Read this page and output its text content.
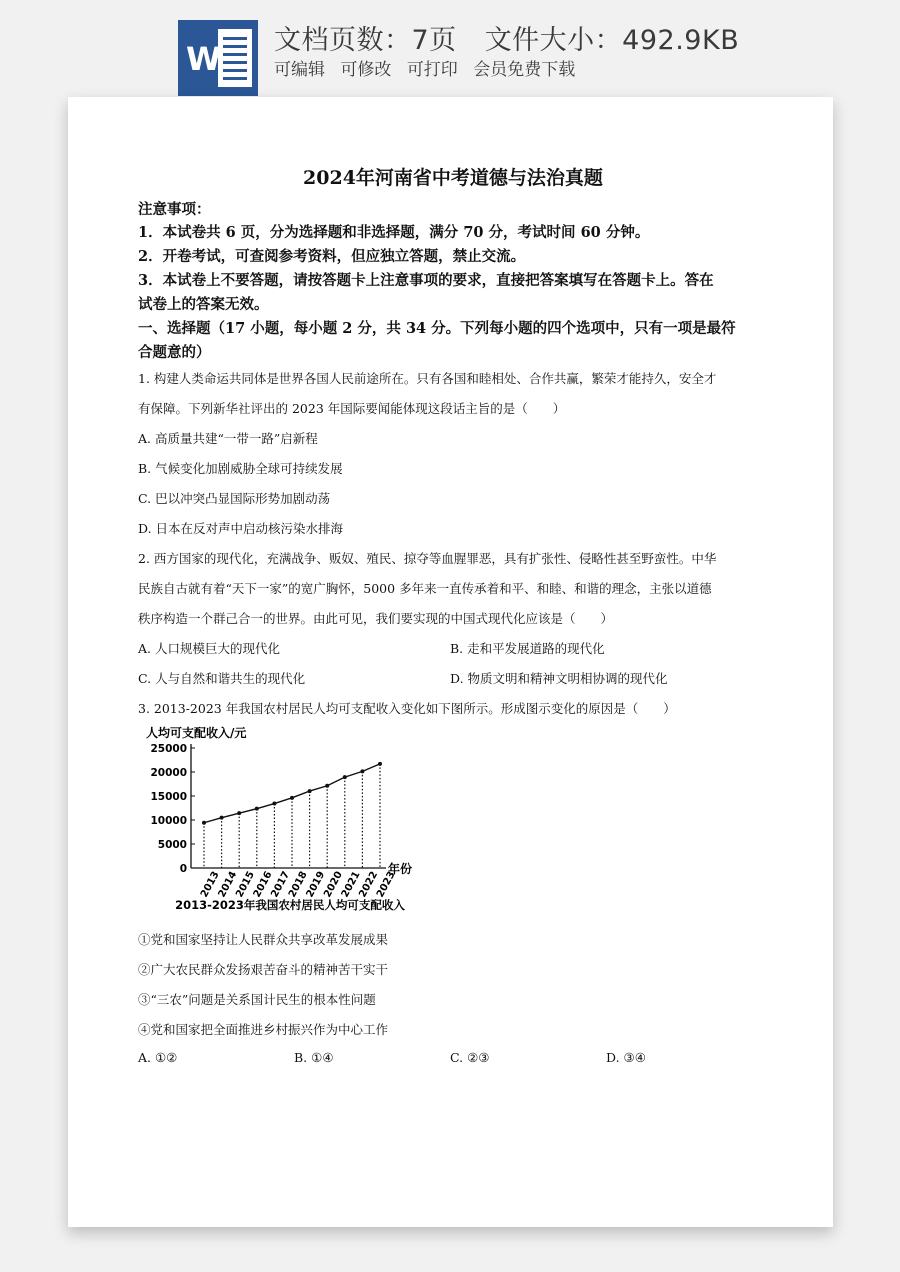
W 文档页数：7页 文件大小：492.9KB
可编辑 可修改 可打印 会员免费下载
2024年河南省中考道德与法治真题
注意事项：
1．本试卷共 6 页，分为选择题和非选择题，满分 70 分，考试时间 60 分钟。
2．开卷考试，可查阅参考资料，但应独立答题，禁止交流。
3．本试卷上不要答题，请按答题卡上注意事项的要求，直接把答案填写在答题卡上。答在
试卷上的答案无效。
一、选择题（17 小题，每小题 2 分，共 34 分。下列每小题的四个选项中，只有一项是最符
合题意的）
1. 构建人类命运共同体是世界各国人民前途所在。只有各国和睦相处、合作共赢，繁荣才能持久，安全才
有保障。下列新华社评出的 2023 年国际要闻能体现这段话主旨的是（　　）
A. 高质量共建“一带一路”启新程
B. 气候变化加剧威胁全球可持续发展
C. 巴以冲突凸显国际形势加剧动荡
D. 日本在反对声中启动核污染水排海
2. 西方国家的现代化，充满战争、贩奴、殖民、掠夺等血腥罪恶，具有扩张性、侵略性甚至野蛮性。中华
民族自古就有着“天下一家”的宽广胸怀，5000 多年来一直传承着和平、和睦、和谐的理念，主张以道德
秩序构造一个群己合一的世界。由此可见，我们要实现的中国式现代化应该是（　　）
A. 人口规模巨大的现代化	B. 走和平发展道路的现代化
C. 人与自然和谐共生的现代化	D. 物质文明和精神文明相协调的现代化
3. 2013-2023 年我国农村居民人均可支配收入变化如下图所示。形成图示变化的原因是（　　）
①党和国家坚持让人民群众共享改革发展成果
②广大农民群众发扬艰苦奋斗的精神苦干实干
③“三农”问题是关系国计民生的根本性问题
④党和国家把全面推进乡村振兴作为中心工作
A. ①②	B. ①④	C. ②③	D. ③④
人均可支配收入/元
年份
2013-2023年我国农村居民人均可支配收入
0
5000
10000
15000
20000
25000
2013
2014
2015
2016
2017
2018
2019
2020
2021
2022
2023
